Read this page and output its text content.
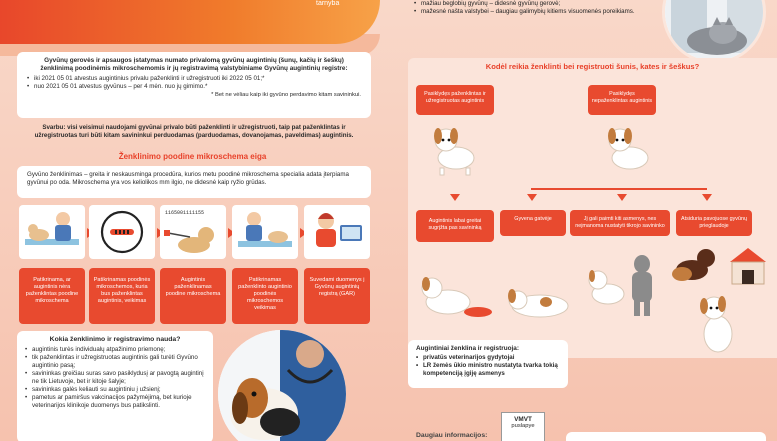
tarnyba
•	mažiau beglobių gyvūnų – didesnė gyvūnų gerovė;
• mažesnė našta valstybei – daugiau galimybių kitiems visuomenės poreikiams.

Gyvūnų gerovės ir apsaugos įstatymas numato privalomą gyvūnų augintinių (šunų, kačių ir šeškų) ženklinimą poodinėmis mikroschemomis ir jų registravimą valstybiniame Gyvūnų augintinių registre:

• iki 2021 05 01 atvestus augintinius privalu paženklinti ir užregistruoti iki 2022 05 01;*
• nuo 2021 05 01 atvestus gyvūnus – per 4 mėn. nuo jų gimimo.*

* Bet ne vėliau kaip iki gyvūno perdavimo kitam savininkui.

Svarbu: visi veisimui naudojami gyvūnai privalo būti paženklinti ir užregistruoti, taip pat paženklintas ir užregistruotas turi būti kitam savininkui perduodamas (parduodamas, dovanojamas, paveldimas) augintinis.

Ženklinimo poodine mikroschema eiga

Gyvūno ženklinimas – greita ir neskausminga procedūra, kurios metu poodinė mikroschema specialia adata įterpiama gyvūnui po oda. Mikroschema yra vos keliolikos mm ilgio, ne didesnė kaip ryžio grūdas.

1165001111155
Patikrinama, ar augintinis nėra paženklintas poodine mikroschema
Patikrinamas poodinės mikroschemos, kuria bus paženklintas augintinis, veikimas
Augintinis paženklinamas poodine mikroschema
Patikrinamas paženklinto augintinio poodinės mikroschemos veikimas
Suvedami duomenys į Gyvūnų augintinių registrą (GAR)

Kokia ženklinimo ir registravimo nauda?

• augintinis turės individualų atpažinimo priemonę;
• tik paženklintas ir užregistruotas augintinis gali turėti Gyvūno augintinio pasą;
• savininkas greičiau suras savo pasiklydusį ar pavogtą augintinį ne tik Lietuvoje, bet ir kitoje šalyje;
• savininkas galės keliauti su augintiniu į užsienį;
• pametus ar pamiršus vakcinacijos pažymėjimą, bet kurioje veterinarijos klinikoje duomenys bus patikslinti.

Kodėl reikia ženklinti bei registruoti šunis, kates ir šeškus?

Pasiklydęs paženklintas ir užregistruotas augintinis
Pasiklydęs nepaženklintas augintinis
Augintinis labai greitai sugrįžta pas savininką
Gyvena gatvėje	Jį gali paimti kiti asmenys, nes neįmanoma nustatyti tikrojo savininko
Atsiduria pavojuose gyvūnų prieglaudoje

Augintiniai ženklina ir registruoja:

• privatūs veterinarijos gydytojai
• LR žemės ūkio ministro nustatyta tvarka tokią kompetenciją įgiję asmenys

Daugiau informacijos:

VMVT
puslapye
